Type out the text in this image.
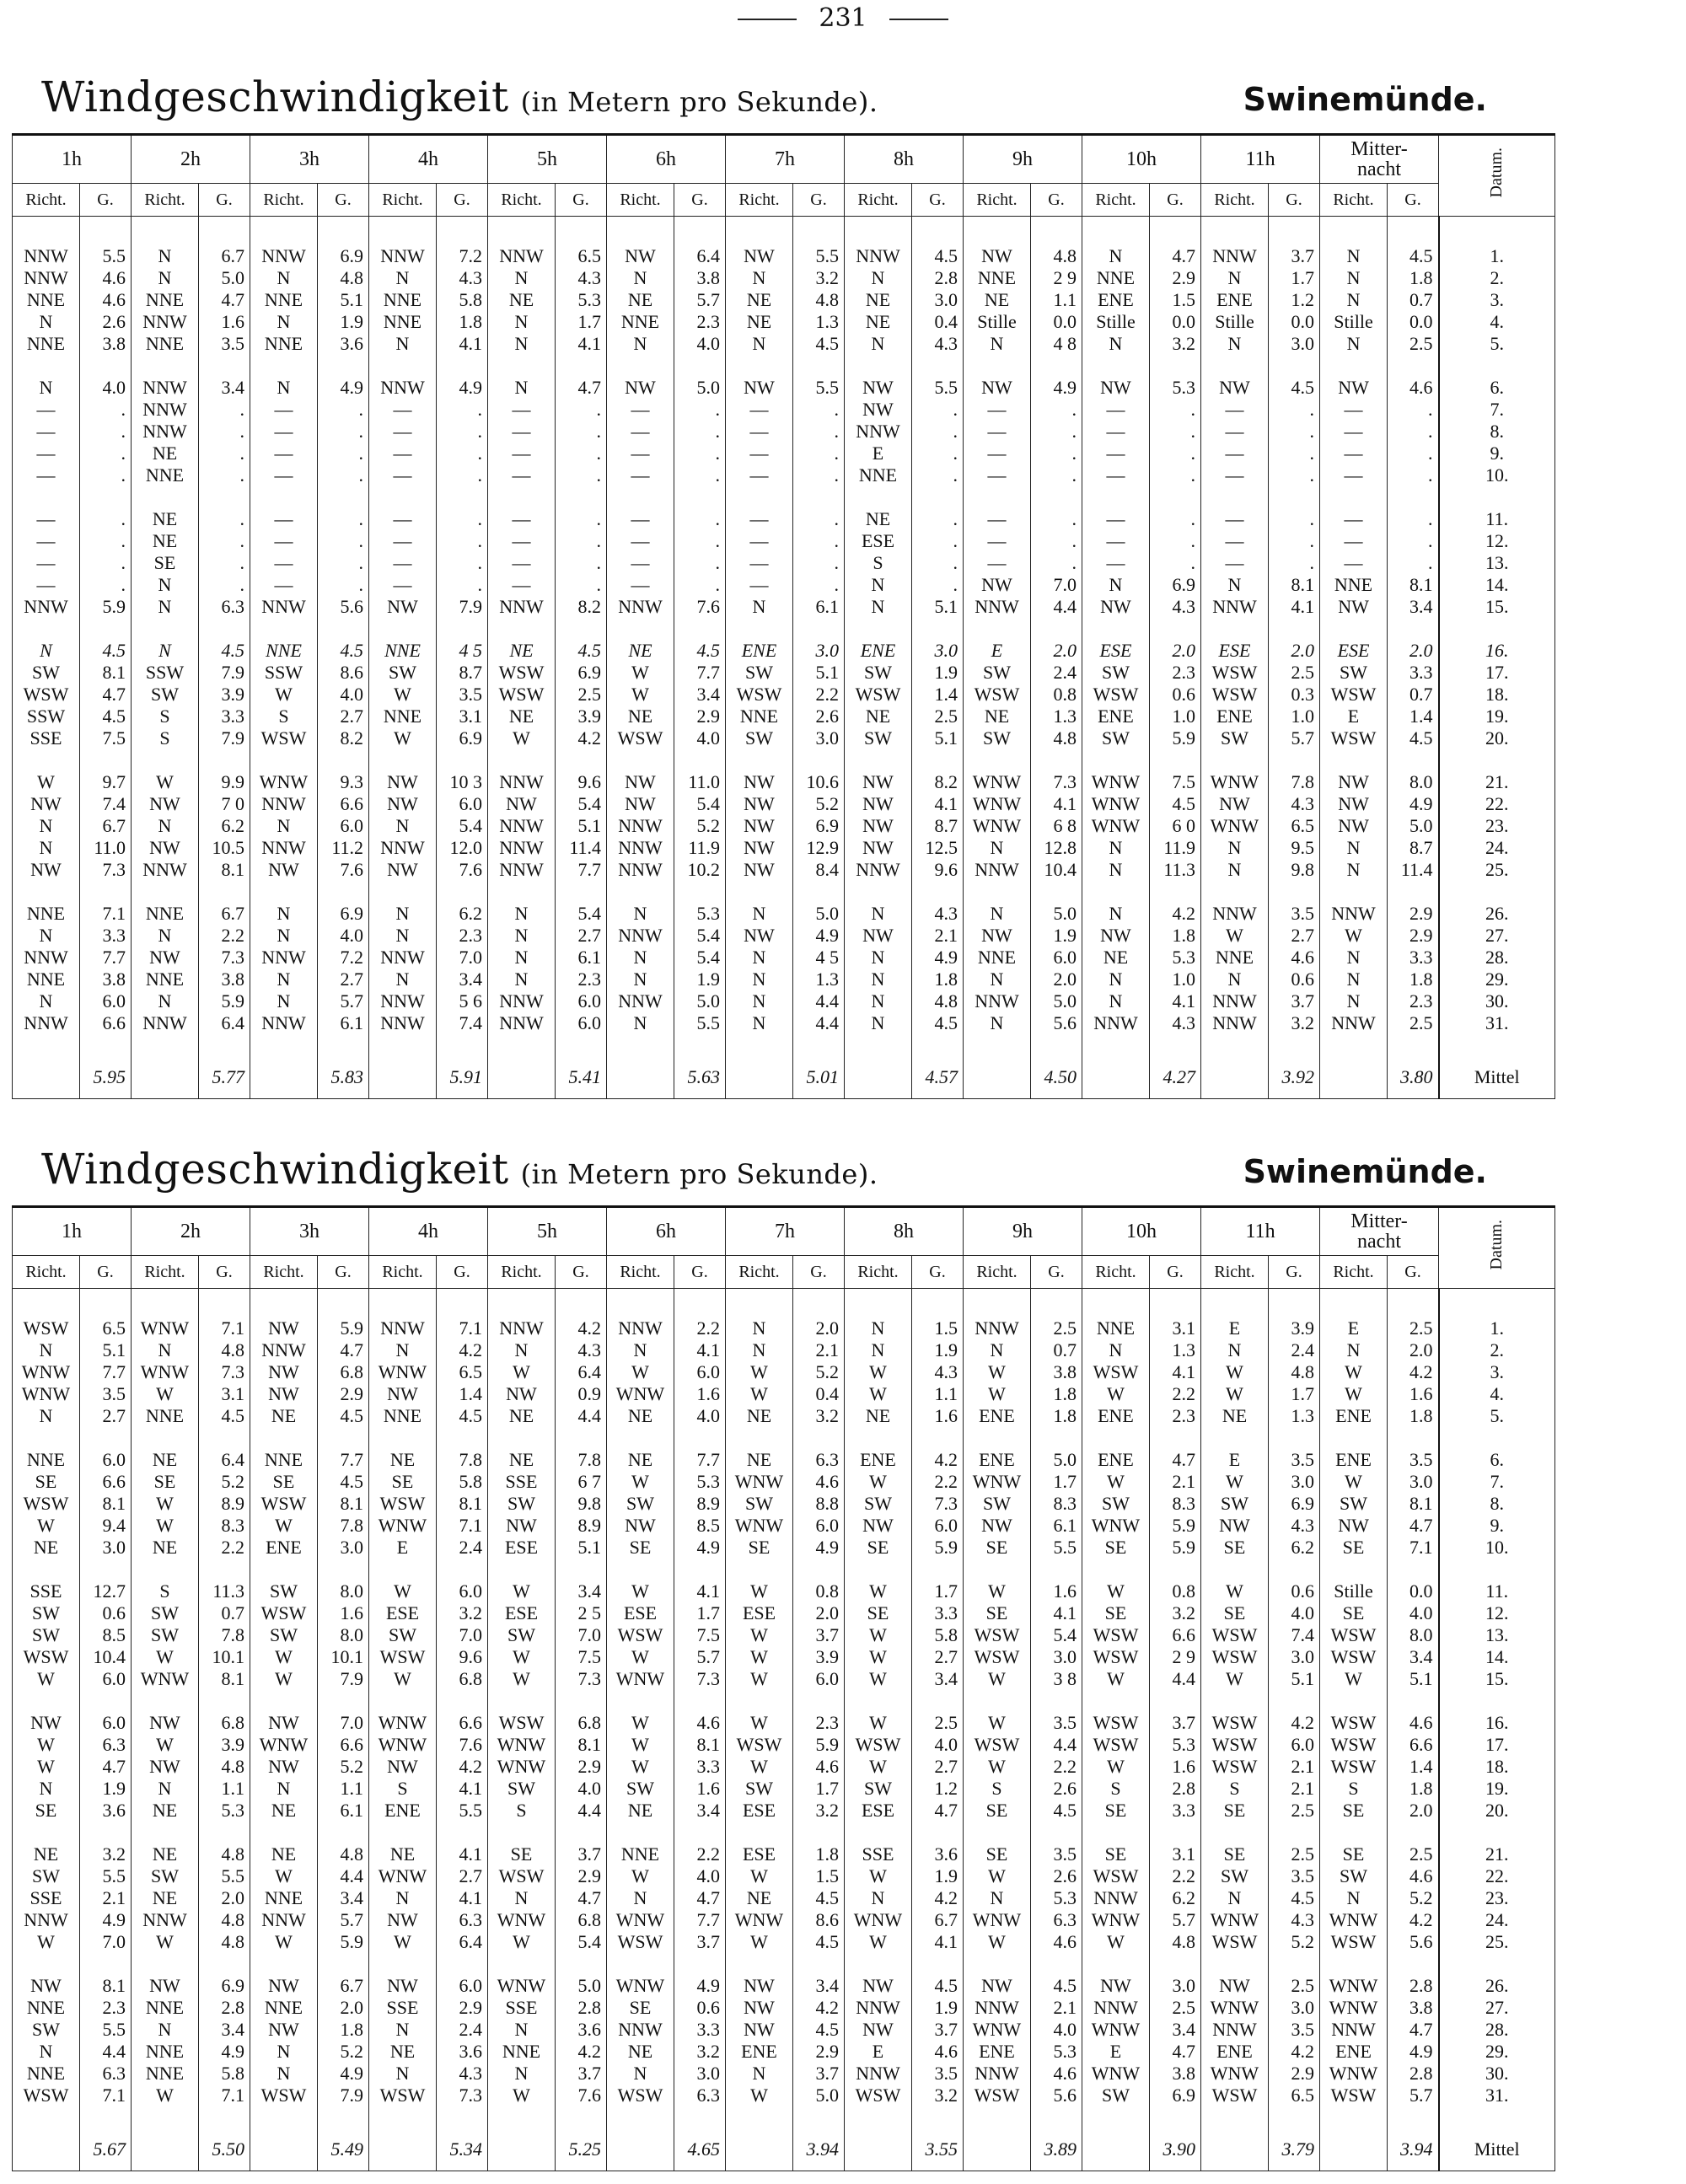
231
Windgeschwindigkeit (in Metern pro Sekunde).	Swinemünde.
1h		2h		3h		4h		5h		6h		7h		8h		9h		10h		11h		Mitter-
nacht		Datum.
Richt.	G.	Richt.	G.	Richt.	G.	Richt.	G.	Richt.	G.	Richt.	G.	Richt.	G.	Richt.	G.	Richt.	G.	Richt.	G.	Richt.	G.	Richt.	G.	

NNW	5.5	N	6.7	NNW	6.9	NNW	7.2	NNW	6.5	NW	6.4	NW	5.5	NNW	4.5	NW	4.8	N	4.7	NNW	3.7	N	4.5	1.
NNW	4.6	N	5.0	N	4.8	N	4.3	N	4.3	N	3.8	N	3.2	N	2.8	NNE	2 9	NNE	2.9	N	1.7	N	1.8	2.
NNE	4.6	NNE	4.7	NNE	5.1	NNE	5.8	NE	5.3	NE	5.7	NE	4.8	NE	3.0	NE	1.1	ENE	1.5	ENE	1.2	N	0.7	3.
N	2.6	NNW	1.6	N	1.9	NNE	1.8	N	1.7	NNE	2.3	NE	1.3	NE	0.4	Stille	0.0	Stille	0.0	Stille	0.0	Stille	0.0	4.
NNE	3.8	NNE	3.5	NNE	3.6	N	4.1	N	4.1	N	4.0	N	4.5	N	4.3	N	4 8	N	3.2	N	3.0	N	2.5	5.

N	4.0	NNW	3.4	N	4.9	NNW	4.9	N	4.7	NW	5.0	NW	5.5	NW	5.5	NW	4.9	NW	5.3	NW	4.5	NW	4.6	6.
—	.	NNW	.	—	.	—	.	—	.	—	.	—	.	NW	.	—	.	—	.	—	.	—	.	7.
—	.	NNW	.	—	.	—	.	—	.	—	.	—	.	NNW	.	—	.	—	.	—	.	—	.	8.
—	.	NE	.	—	.	—	.	—	.	—	.	—	.	E	.	—	.	—	.	—	.	—	.	9.
—	.	NNE	.	—	.	—	.	—	.	—	.	—	.	NNE	.	—	.	—	.	—	.	—	.	10.

—	.	NE	.	—	.	—	.	—	.	—	.	—	.	NE	.	—	.	—	.	—	.	—	.	11.
—	.	NE	.	—	.	—	.	—	.	—	.	—	.	ESE	.	—	.	—	.	—	.	—	.	12.
—	.	SE	.	—	.	—	.	—	.	—	.	—	.	S	.	—	.	—	.	—	.	—	.	13.
—	.	N	.	—	.	—	.	—	.	—	.	—	.	N	.	NW	7.0	N	6.9	N	8.1	NNE	8.1	14.
NNW	5.9	N	6.3	NNW	5.6	NW	7.9	NNW	8.2	NNW	7.6	N	6.1	N	5.1	NNW	4.4	NW	4.3	NNW	4.1	NW	3.4	15.

N	4.5	N	4.5	NNE	4.5	NNE	4 5	NE	4.5	NE	4.5	ENE	3.0	ENE	3.0	E	2.0	ESE	2.0	ESE	2.0	ESE	2.0	16.
SW	8.1	SSW	7.9	SSW	8.6	SW	8.7	WSW	6.9	W	7.7	SW	5.1	SW	1.9	SW	2.4	SW	2.3	WSW	2.5	SW	3.3	17.
WSW	4.7	SW	3.9	W	4.0	W	3.5	WSW	2.5	W	3.4	WSW	2.2	WSW	1.4	WSW	0.8	WSW	0.6	WSW	0.3	WSW	0.7	18.
SSW	4.5	S	3.3	S	2.7	NNE	3.1	NE	3.9	NE	2.9	NNE	2.6	NE	2.5	NE	1.3	ENE	1.0	ENE	1.0	E	1.4	19.
SSE	7.5	S	7.9	WSW	8.2	W	6.9	W	4.2	WSW	4.0	SW	3.0	SW	5.1	SW	4.8	SW	5.9	SW	5.7	WSW	4.5	20.

W	9.7	W	9.9	WNW	9.3	NW	10 3	NNW	9.6	NW	11.0	NW	10.6	NW	8.2	WNW	7.3	WNW	7.5	WNW	7.8	NW	8.0	21.
NW	7.4	NW	7 0	NNW	6.6	NW	6.0	NW	5.4	NW	5.4	NW	5.2	NW	4.1	WNW	4.1	WNW	4.5	NW	4.3	NW	4.9	22.
N	6.7	N	6.2	N	6.0	N	5.4	NNW	5.1	NNW	5.2	NW	6.9	NW	8.7	WNW	6 8	WNW	6 0	WNW	6.5	NW	5.0	23.
N	11.0	NW	10.5	NNW	11.2	NNW	12.0	NNW	11.4	NNW	11.9	NW	12.9	NW	12.5	N	12.8	N	11.9	N	9.5	N	8.7	24.
NW	7.3	NNW	8.1	NW	7.6	NW	7.6	NNW	7.7	NNW	10.2	NW	8.4	NNW	9.6	NNW	10.4	N	11.3	N	9.8	N	11.4	25.

NNE	7.1	NNE	6.7	N	6.9	N	6.2	N	5.4	N	5.3	N	5.0	N	4.3	N	5.0	N	4.2	NNW	3.5	NNW	2.9	26.
N	3.3	N	2.2	N	4.0	N	2.3	N	2.7	NNW	5.4	NW	4.9	NW	2.1	NW	1.9	NW	1.8	W	2.7	W	2.9	27.
NNW	7.7	NW	7.3	NNW	7.2	NNW	7.0	N	6.1	N	5.4	N	4 5	N	4.9	NNE	6.0	NE	5.3	NNE	4.6	N	3.3	28.
NNE	3.8	NNE	3.8	N	2.7	N	3.4	N	2.3	N	1.9	N	1.3	N	1.8	N	2.0	N	1.0	N	0.6	N	1.8	29.
N	6.0	N	5.9	N	5.7	NNW	5 6	NNW	6.0	NNW	5.0	N	4.4	N	4.8	NNW	5.0	N	4.1	NNW	3.7	N	2.3	30.
NNW	6.6	NNW	6.4	NNW	6.1	NNW	7.4	NNW	6.0	N	5.5	N	4.4	N	4.5	N	5.6	NNW	4.3	NNW	3.2	NNW	2.5	31.

	5.95		5.77		5.83		5.91		5.41		5.63		5.01		4.57		4.50		4.27		3.92		3.80	Mittel
Windgeschwindigkeit (in Metern pro Sekunde).	Swinemünde.
1h		2h		3h		4h		5h		6h		7h		8h		9h		10h		11h		Mitter-
nacht		Datum.
Richt.	G.	Richt.	G.	Richt.	G.	Richt.	G.	Richt.	G.	Richt.	G.	Richt.	G.	Richt.	G.	Richt.	G.	Richt.	G.	Richt.	G.	Richt.	G.	

WSW	6.5	WNW	7.1	NW	5.9	NNW	7.1	NNW	4.2	NNW	2.2	N	2.0	N	1.5	NNW	2.5	NNE	3.1	E	3.9	E	2.5	1.
N	5.1	N	4.8	NNW	4.7	N	4.2	N	4.3	N	4.1	N	2.1	N	1.9	N	0.7	N	1.3	N	2.4	N	2.0	2.
WNW	7.7	WNW	7.3	NW	6.8	WNW	6.5	W	6.4	W	6.0	W	5.2	W	4.3	W	3.8	WSW	4.1	W	4.8	W	4.2	3.
WNW	3.5	W	3.1	NW	2.9	NW	1.4	NW	0.9	WNW	1.6	W	0.4	W	1.1	W	1.8	W	2.2	W	1.7	W	1.6	4.
N	2.7	NNE	4.5	NE	4.5	NNE	4.5	NE	4.4	NE	4.0	NE	3.2	NE	1.6	ENE	1.8	ENE	2.3	NE	1.3	ENE	1.8	5.

NNE	6.0	NE	6.4	NNE	7.7	NE	7.8	NE	7.8	NE	7.7	NE	6.3	ENE	4.2	ENE	5.0	ENE	4.7	E	3.5	ENE	3.5	6.
SE	6.6	SE	5.2	SE	4.5	SE	5.8	SSE	6 7	W	5.3	WNW	4.6	W	2.2	WNW	1.7	W	2.1	W	3.0	W	3.0	7.
WSW	8.1	W	8.9	WSW	8.1	WSW	8.1	SW	9.8	SW	8.9	SW	8.8	SW	7.3	SW	8.3	SW	8.3	SW	6.9	SW	8.1	8.
W	9.4	W	8.3	W	7.8	WNW	7.1	NW	8.9	NW	8.5	WNW	6.0	NW	6.0	NW	6.1	WNW	5.9	NW	4.3	NW	4.7	9.
NE	3.0	NE	2.2	ENE	3.0	E	2.4	ESE	5.1	SE	4.9	SE	4.9	SE	5.9	SE	5.5	SE	5.9	SE	6.2	SE	7.1	10.

SSE	12.7	S	11.3	SW	8.0	W	6.0	W	3.4	W	4.1	W	0.8	W	1.7	W	1.6	W	0.8	W	0.6	Stille	0.0	11.
SW	0.6	SW	0.7	WSW	1.6	ESE	3.2	ESE	2 5	ESE	1.7	ESE	2.0	SE	3.3	SE	4.1	SE	3.2	SE	4.0	SE	4.0	12.
SW	8.5	SW	7.8	SW	8.0	SW	7.0	SW	7.0	WSW	7.5	W	3.7	W	5.8	WSW	5.4	WSW	6.6	WSW	7.4	WSW	8.0	13.
WSW	10.4	W	10.1	W	10.1	WSW	9.6	W	7.5	W	5.7	W	3.9	W	2.7	WSW	3.0	WSW	2 9	WSW	3.0	WSW	3.4	14.
W	6.0	WNW	8.1	W	7.9	W	6.8	W	7.3	WNW	7.3	W	6.0	W	3.4	W	3 8	W	4.4	W	5.1	W	5.1	15.

NW	6.0	NW	6.8	NW	7.0	WNW	6.6	WSW	6.8	W	4.6	W	2.3	W	2.5	W	3.5	WSW	3.7	WSW	4.2	WSW	4.6	16.
W	6.3	W	3.9	WNW	6.6	WNW	7.6	WNW	8.1	W	8.1	WSW	5.9	WSW	4.0	WSW	4.4	WSW	5.3	WSW	6.0	WSW	6.6	17.
W	4.7	NW	4.8	NW	5.2	NW	4.2	WNW	2.9	W	3.3	W	4.6	W	2.7	W	2.2	W	1.6	WSW	2.1	WSW	1.4	18.
N	1.9	N	1.1	N	1.1	S	4.1	SW	4.0	SW	1.6	SW	1.7	SW	1.2	S	2.6	S	2.8	S	2.1	S	1.8	19.
SE	3.6	NE	5.3	NE	6.1	ENE	5.5	S	4.4	NE	3.4	ESE	3.2	ESE	4.7	SE	4.5	SE	3.3	SE	2.5	SE	2.0	20.

NE	3.2	NE	4.8	NE	4.8	NE	4.1	SE	3.7	NNE	2.2	ESE	1.8	SSE	3.6	SE	3.5	SE	3.1	SE	2.5	SE	2.5	21.
SW	5.5	SW	5.5	W	4.4	WNW	2.7	WSW	2.9	W	4.0	W	1.5	W	1.9	W	2.6	WSW	2.2	SW	3.5	SW	4.6	22.
SSE	2.1	NE	2.0	NNE	3.4	N	4.1	N	4.7	N	4.7	NE	4.5	N	4.2	N	5.3	NNW	6.2	N	4.5	N	5.2	23.
NNW	4.9	NNW	4.8	NNW	5.7	NW	6.3	WNW	6.8	WNW	7.7	WNW	8.6	WNW	6.7	WNW	6.3	WNW	5.7	WNW	4.3	WNW	4.2	24.
W	7.0	W	4.8	W	5.9	W	6.4	W	5.4	WSW	3.7	W	4.5	W	4.1	W	4.6	W	4.8	WSW	5.2	WSW	5.6	25.

NW	8.1	NW	6.9	NW	6.7	NW	6.0	WNW	5.0	WNW	4.9	NW	3.4	NW	4.5	NW	4.5	NW	3.0	NW	2.5	WNW	2.8	26.
NNE	2.3	NNE	2.8	NNE	2.0	SSE	2.9	SSE	2.8	SE	0.6	NW	4.2	NNW	1.9	NNW	2.1	NNW	2.5	WNW	3.0	WNW	3.8	27.
SW	5.5	N	3.4	NW	1.8	N	2.4	N	3.6	NNW	3.3	NW	4.5	NW	3.7	WNW	4.0	WNW	3.4	NNW	3.5	NNW	4.7	28.
N	4.4	NNE	4.9	N	5.2	NE	3.6	NNE	4.2	NE	3.2	ENE	2.9	E	4.6	ENE	5.3	E	4.7	ENE	4.2	ENE	4.9	29.
NNE	6.3	NNE	5.8	N	4.9	N	4.3	N	3.7	N	3.0	N	3.7	NNW	3.5	NNW	4.6	WNW	3.8	WNW	2.9	WNW	2.8	30.
WSW	7.1	W	7.1	WSW	7.9	WSW	7.3	W	7.6	WSW	6.3	W	5.0	WSW	3.2	WSW	5.6	SW	6.9	WSW	6.5	WSW	5.7	31.

	5.67		5.50		5.49		5.34		5.25		4.65		3.94		3.55		3.89		3.90		3.79		3.94	Mittel
